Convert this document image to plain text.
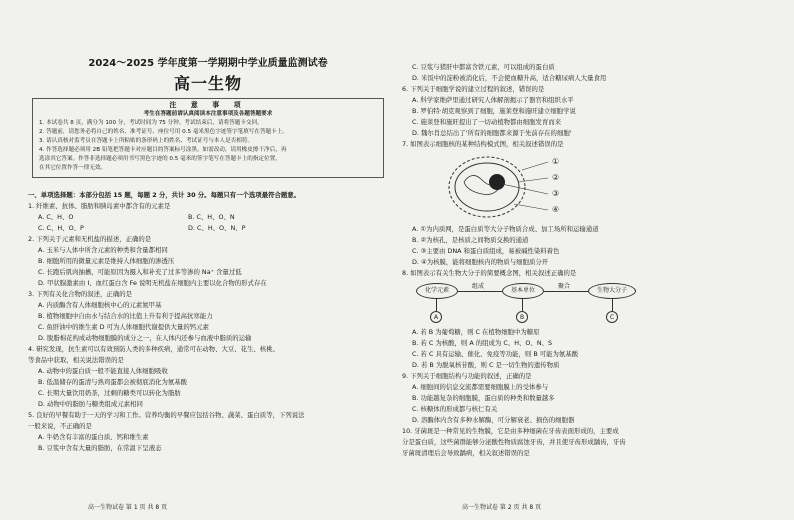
2024～2025 学年度第一学期期中学业质量监测试卷
高一生物
注 意 事 项
考生在答题前请认真阅读本注意事项及各题答题要求
1. 本试卷共 8 页，满分为 100 分，考试时间为 75 分钟。考试结束后，请将答题卡交回。
2. 答题前，请您务必将自己的姓名、准考证号、座位号用 0.5 毫米黑色字迹签字笔填写在答题卡上。
3. 请认真核对监考员在答题卡上所粘贴的条形码上的姓名、考试证号与本人是否相符。
4. 作答选择题必须用 2B 铅笔把答题卡对应题目的答案标号涂黑。如需改动，请用橡皮擦干净后，再
选涂其它答案。作答非选择题必须用书写黑色字迹的 0.5 毫米的签字笔写在答题卡上的指定位置，
在其它位置作答一律无效。
一、单项选择题：本部分包括 15 题，每题 2 分，共计 30 分。每题只有一个选项最符合题意。
1. 纤维素、抗体、脂肪和胰岛素中都含有的元素是
A. C、H、O	B. C、H、O、N
C. C、H、O、P	D. C、H、O、N、P
2. 下列关于元素和无机盐的描述，正确的是
A. 玉米与人体中所含元素的种类和含量都相同
B. 细胞所用的微量元素是维持人体细胞的渗透压
C. 长跑后肌肉抽搐，可能原因为摄入和补充了过多等渗的 Na⁺ 含量过低
D. 甲状腺激素由 I、血红蛋白含 Fe 说明无机盐在细胞内主要以化合物的形式存在
3. 下列有关化合物的叙述，正确的是
A. 内质酶含有人体细胞核中心的元素氮甲基
B. 植物细胞中自由水与结合水的比值上升有利于提高抗寒能力
C. 鱼肝油中的维生素 D 可为人体细胞代谢提供大量的钙元素
D. 脱脂棉花构成动物细胞膜的成分之一，在人体内还参与血液中脂质的运输
4. 研究发现，抗生素可以有效预防人类的多种疾病，通常可在动物、大豆、花生、核桃、
等食品中获取，相关说法错误的是
A. 动物中的蛋白质一般不能直接人体细胞吸收
B. 低温储存的蛋清与熟鸡蛋都会被彻底消化为氨基酸
C. 长期大量饮用奶茶，过剩的糖类可以转化为脂肪
D. 动物中的脂肪与糖类组成元素相同
5. 良好的早餐有助于一天的学习和工作。营养均衡的早餐应包括谷物、蔬菜、蛋白质等，下列说法
一般来说，不正确的是
A. 牛奶含有丰富的蛋白质、钙和维生素
B. 豆浆中含有大量的脂肪，在常温下呈液态
高一生物试卷 第 1 页 共 8 页
C. 豆浆与猪肝中都富含铁元素，可以组成的蛋白质
D. 米饭中的淀粉被消化后，不会使血糖升高，适合糖尿病人大量食用
6. 下列关于细胞学说的建立过程的叙述，错误的是
A. 科学家维萨里通过研究人体解剖揭示了器官和组织水平
B. 罗伯特·胡克观察到了细胞，施莱登和施旺建立细胞学说
C. 施莱登和施旺提出了一切动植物都由细胞发育而来
D. 魏尔肖总结出了'所有的细胞都来源于先前存在的细胞'
7. 如图表示细胞核的某种结构模式图，相关叙述错误的是
①
②
③
④
A. ①为内质网，是蛋白质等大分子物质合成、加工场所和运输通道
B. ②为核孔，是核质之间物质交换的通道
C. ③主要由 DNA 和蛋白质组成，易被碱性染料着色
D. ④为核膜，能将细胞核内的物质与细胞质分开
8. 如图表示有关生物大分子的简要概念图，相关叙述正确的是
化学元素	基本单位	生物大分子
组成	聚合
A	B	C
A. 若 B 为葡萄糖，则 C 在植物细胞中为糖原
B. 若 C 为核酸，则 A 的组成为 C、H、O、N、S
C. 若 C 具有运输、催化、免疫等功能，则 B 可能为氨基酸
D. 若 B 为脱氧核苷酸，则 C 是一切生物的遗传物质
9. 下列关于细胞结构与功能的叙述，正确的是
A. 细胞间的信息交流都需要细胞膜上的受体参与
B. 功能越复杂的细胞膜，蛋白质的种类和数量越多
C. 核糖体的形成都与核仁有关
D. 溶酶体内含有多种水解酶，可分解衰老、损伤的细胞器
10. 牙菌斑是一种常见的生物膜，它是由多种细菌在牙齿表面形成的，主要成
分是蛋白质，这些菌群能够分泌酸性物质腐蚀牙齿，并且使牙齿形成龋齿，牙齿
牙菌斑清理后会导致龋病，相关叙述错误的是
高一生物试卷 第 2 页 共 8 页
